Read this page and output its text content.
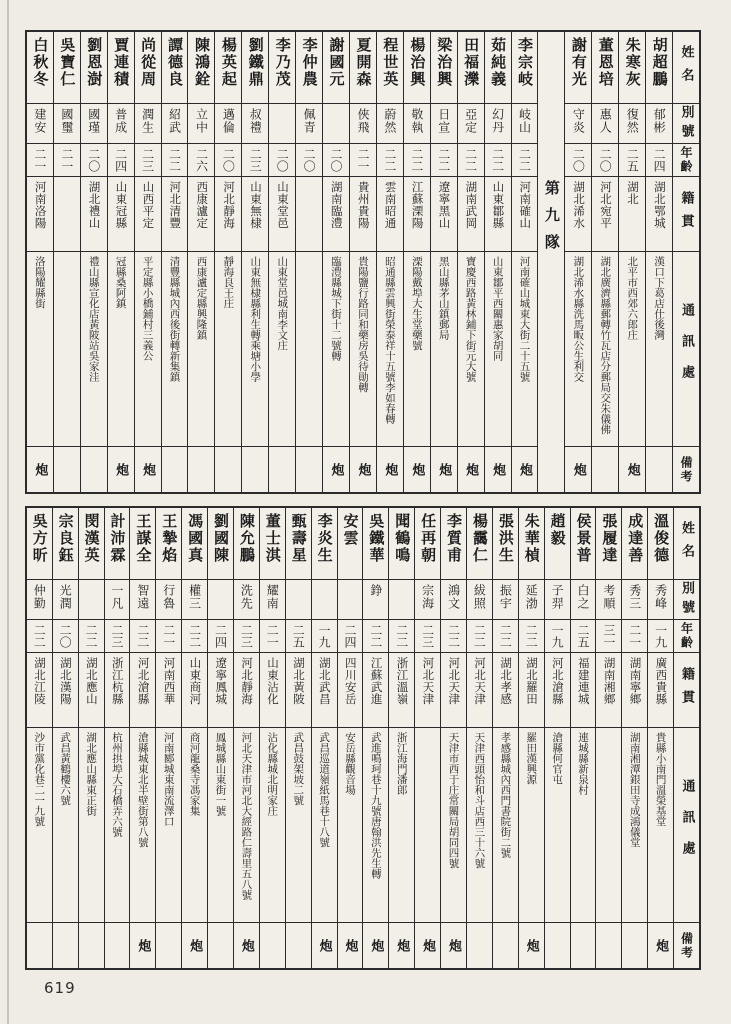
姓名
別號
年齡
籍貫
通訊處
備考
胡超鵬
郁彬
二四
湖北鄂城
漢口下葛店仕後灣
朱寒灰
復然
二五
湖北
北平市西郊六郎庄
炮
董恩培
惠人
二〇
河北宛平
湖北廣濟縣郵轉竹瓦店分郵局交朱儀佛
謝有光
守炎
二〇
湖北浠水
湖北浠水縣洗馬畈公生利交
炮
第九隊
李宗岐
岐山
二二
河南確山
河南確山城東大街二十五號
炮
茹純義
幻丹
二二
山東鄒縣
山東鄒平西關惠家胡同
炮
田福濼
亞定
二二
湖南武岡
寶慶西路黃林鋪下街元大號
炮
梁治興
日宣
二二
遼寧黑山
黑山縣茅山鎮郵局
炮
楊治興
敬執
二二
江蘇溧陽
溧陽戴埠大生堂藥號
炮
程世英
蔚然
二二
雲南昭通
昭通縣雲興街榮泰祥十五號李如春轉
炮
夏開森
俠飛
二一
貴州貴陽
貴陽鹽行路同和藥房吳待勛轉
炮
謝國元
二〇
湖南臨澧
臨澧縣城下街十二號轉
炮
李仲農
佩青
二〇
李乃茂
二〇
山東堂邑
山東堂邑城南李文庄
劉鐵鼎
叔禮
二三
山東無棣
山東無棣縣利生轉乘塘小學
楊英起
邁倫
二〇
河北靜海
靜海良王庄
陳鴻銓
立中
二六
西康瀘定
西康瀘定縣興隆鎮
譚德良
紹武
二二
河北清豐
清豐縣城內西後街轉新集鎮
尚從周
潤生
二三
山西平定
平定縣小橋鋪村三義公
炮
賈連積
普成
二四
山東冠縣
冠縣桑阿鎮
炮
劉恩澍
國瑾
二〇
湖北禮山
禮山縣宣化店黃陂站吳家洼
吳寶仁
國璽
二一
白秋冬
建安
二一
河南洛陽
洛陽耀縣街
炮
姓名
別號
年齡
籍貫
通訊處
備考
溫俊德
秀峰
一九
廣西貴縣
貴縣小南門溫榮基堂
炮
成達善
秀三
二一
湖南寧鄉
湖南湘潭銀田寺成鴻儀堂
張履達
考順
三一
湖南湘鄉
侯景普
白之
二五
福建連城
連城縣新泉村
趙毅
子羿
一九
河北滄縣
滄縣何官屯
朱華楨
延渤
二二
湖北羅田
羅田漢興源
炮
張洪生
振宇
二二
湖北孝感
孝感縣城內西門書院街二號
楊靄仁
紱照
二二
河北天津
天津西頭怡和斗店西三十六號
李質甫
鴻文
二二
河北天津
天津市西于庄常關局胡同四號
炮
任再朝
宗海
二三
河北天津
炮
聞鶴鳴
二二
浙江溫嶺
浙江海門潘郎
炮
吳鐵華
錚
二二
江蘇武進
武進鳴珂巷十九號唐翰洪先生轉
炮
安雲
二四
四川安岳
安岳縣觀音場
炮
李炎生
一九
湖北武昌
武昌巡道嶺紙馬巷十八號
炮
甄壽星
二五
湖北黃陂
武昌鼓架坡二號
董士淇
耀南
二一
山東沾化
沾化縣城北明家庄
陳允鵬
洗先
二三
河北靜海
河北天津市河北大經路仁壽里五八號
炮
劉國陳
二四
遼寧鳳城
鳳城縣山東街一號
馮國真
權三
二二
山東商河
商河龍桑寺馮家集
炮
王摯焰
行魯
二一
河南西華
河南郾城東南流澤口
王謀全
智遠
二二
河北滄縣
滄縣城東北半壁街第八號
炮
計沛霖
一凡
二三
浙江杭縣
杭州拱埠大石橋弄六號
閔漢英
二二
湖北應山
湖北應山縣東正街
宗良鈺
光潤
二〇
湖北漢陽
武昌黃鶴樓六號
吳方昕
仲勤
二二
湖北江陵
沙市黨化巷二一九號
619
